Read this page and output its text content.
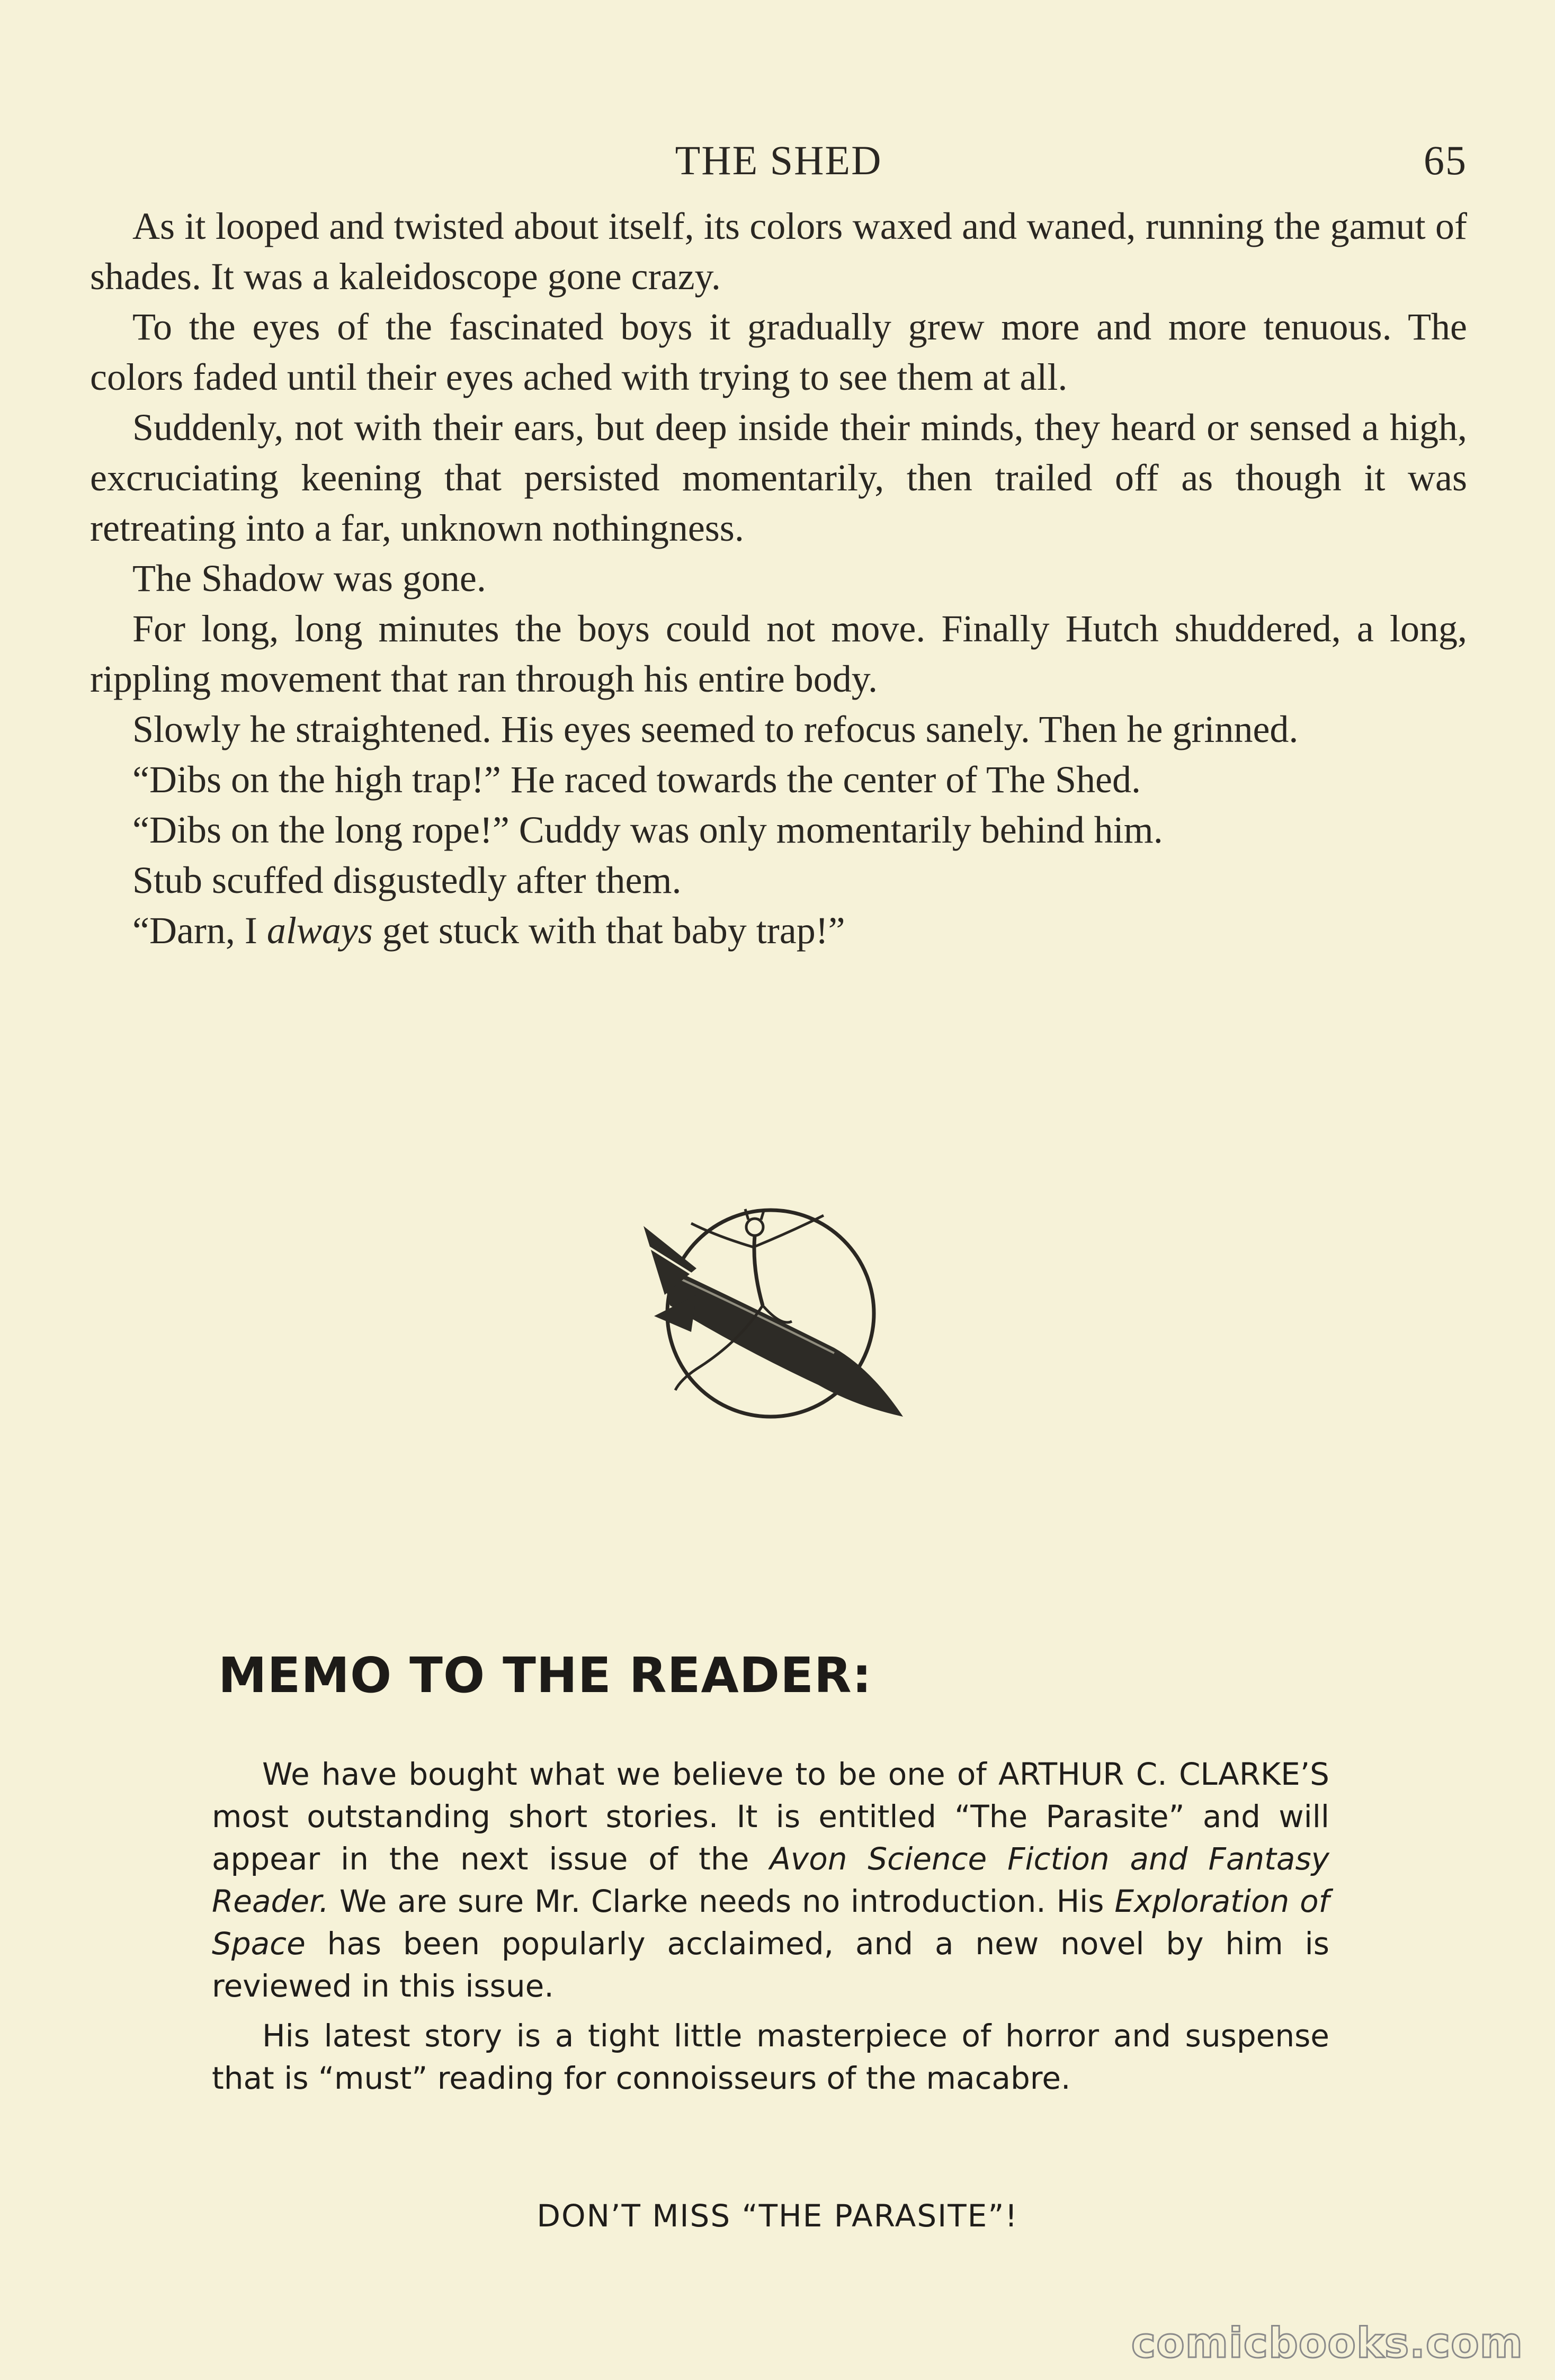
THE SHED	65

As it looped and twisted about itself, its colors waxed and waned, running the gamut of shades. It was a kaleidoscope gone crazy.

To the eyes of the fascinated boys it gradually grew more and more tenuous. The colors faded until their eyes ached with trying to see them at all.

Suddenly, not with their ears, but deep inside their minds, they heard or sensed a high, excruciating keening that persisted momentarily, then trailed off as though it was retreating into a far, unknown nothingness.

The Shadow was gone.

For long, long minutes the boys could not move. Finally Hutch shuddered, a long, rippling movement that ran through his entire body.

Slowly he straightened. His eyes seemed to refocus sanely. Then he grinned.

“Dibs on the high trap!” He raced towards the center of The Shed.

“Dibs on the long rope!” Cuddy was only momentarily behind him.

Stub scuffed disgustedly after them.

“Darn, I always get stuck with that baby trap!”

MEMO TO THE READER:

We have bought what we believe to be one of ARTHUR C. CLARKE’S most outstanding short stories. It is entitled “The Parasite” and will appear in the next issue of the Avon Science Fiction and Fantasy Reader. We are sure Mr. Clarke needs no introduction. His Exploration of Space has been popularly acclaimed, and a new novel by him is reviewed in this issue.

His latest story is a tight little masterpiece of horror and suspense that is “must” reading for connoisseurs of the macabre.

DON’T MISS “THE PARASITE”!
comicbooks.com
